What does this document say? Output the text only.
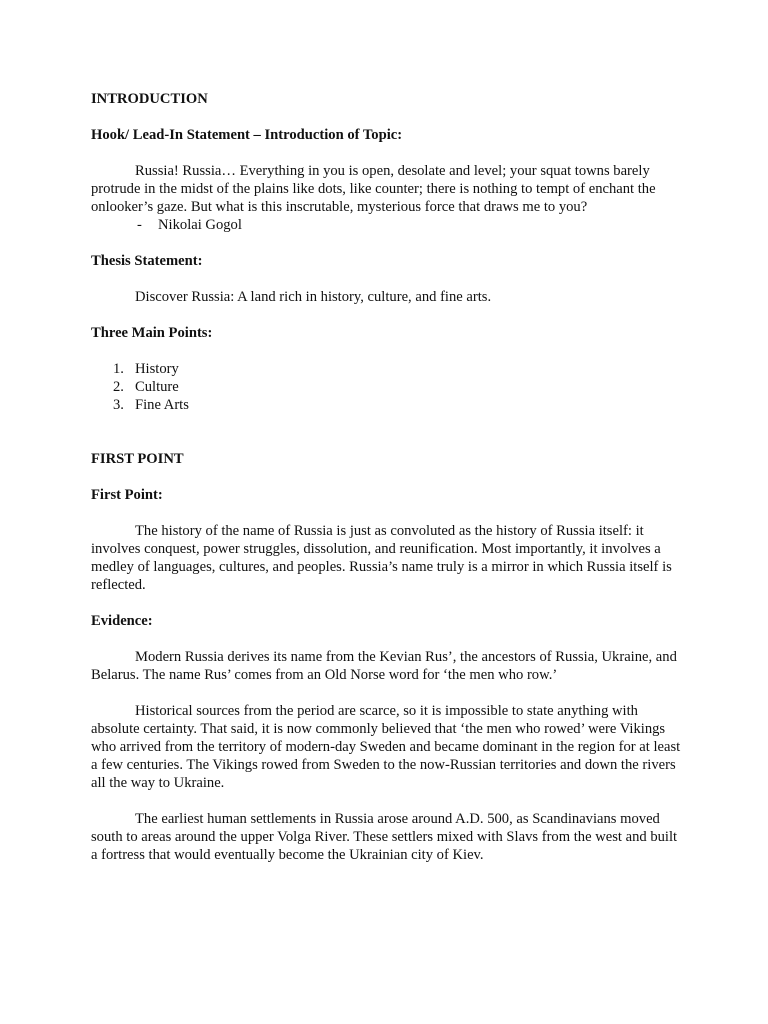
INTRODUCTION

Hook/ Lead-In Statement – Introduction of Topic:

Russia! Russia… Everything in you is open, desolate and level; your squat towns barely protrude in the midst of the plains like dots, like counter; there is nothing to tempt of enchant the onlooker’s gaze. But what is this inscrutable, mysterious force that draws me to you?

- Nikolai Gogol

Thesis Statement:

Discover Russia: A land rich in history, culture, and fine arts.

Three Main Points:

1. History
2. Culture
3. Fine Arts

FIRST POINT

First Point:

The history of the name of Russia is just as convoluted as the history of Russia itself: it involves conquest, power struggles, dissolution, and reunification. Most importantly, it involves a medley of languages, cultures, and peoples. Russia’s name truly is a mirror in which Russia itself is reflected.

Evidence:

Modern Russia derives its name from the Kevian Rus’, the ancestors of Russia, Ukraine, and Belarus. The name Rus’ comes from an Old Norse word for ‘the men who row.’

Historical sources from the period are scarce, so it is impossible to state anything with absolute certainty. That said, it is now commonly believed that ‘the men who rowed’ were Vikings who arrived from the territory of modern-day Sweden and became dominant in the region for at least a few centuries. The Vikings rowed from Sweden to the now-Russian territories and down the rivers all the way to Ukraine.

The earliest human settlements in Russia arose around A.D. 500, as Scandinavians moved south to areas around the upper Volga River. These settlers mixed with Slavs from the west and built a fortress that would eventually become the Ukrainian city of Kiev.
